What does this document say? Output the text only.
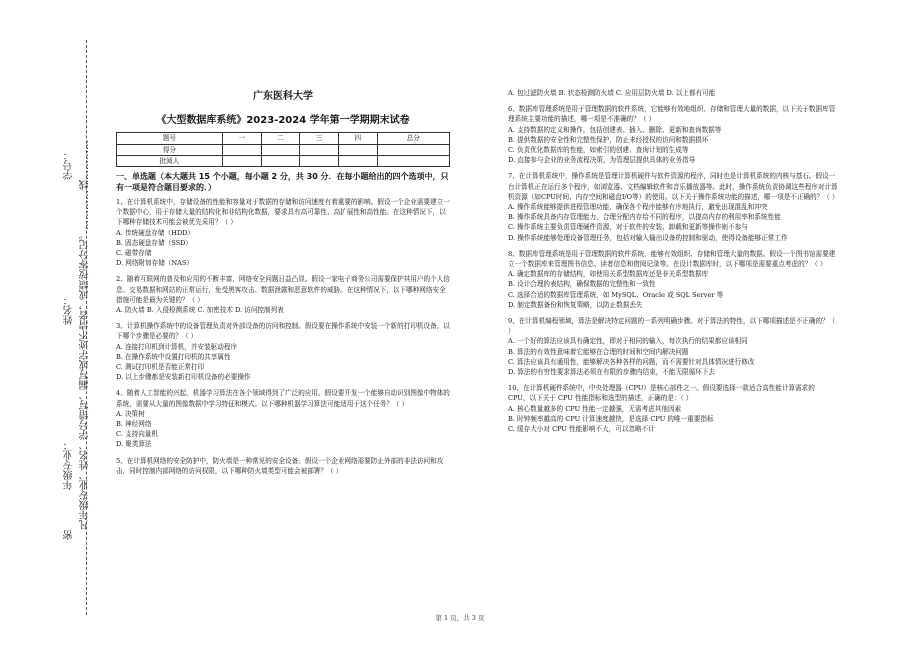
学号：
姓名：
年级专业： 凡年级专业、姓名、学号错写、漏写或字迹不清者，成绩按零分记。…………线…………
密
广东医科大学
《大型数据库系统》2023-2024 学年第一学期期末试卷
题号	一	二	三	四	总分
得分					
批阅人					
一、单选题（本大题共 15 个小题，每小题 2 分，共 30 分．在每小题给出的四个选项中，只有一项是符合题目要求的．）

1、在计算机系统中，存储设备的性能和容量对于数据的存储和访问速度有着重要的影响。假设一个企业需要建立一个数据中心，用于存储大量的结构化和非结构化数据，要求具有高可靠性、高扩展性和高性能。在这种情况下，以下哪种存储技术可能会被优先采用？（ ）

A. 传统硬盘存储（HDD）
B. 固态硬盘存储（SSD）
C. 磁带存储
D. 网络附加存储（NAS）

2、随着互联网的普及和应用的不断丰富，网络安全问题日益凸显。假设一家电子商务公司需要保护其用户的个人信息、交易数据和网站的正常运行，免受黑客攻击、数据泄露和恶意软件的威胁。在这种情况下，以下哪种网络安全措施可能是最为关键的？（ ）

A. 防火墙 B. 入侵检测系统 C. 加密技术 D. 访问控制列表

3、计算机操作系统中的设备管理负责对外部设备的访问和控制。假设要在操作系统中安装一个新的打印机设备，以下哪个步骤是必要的？（ ）

A. 连接打印机到计算机，并安装驱动程序
B. 在操作系统中设置打印机的共享属性
C. 测试打印机是否能正常打印
D. 以上步骤都是安装新打印机设备的必要操作

4、随着人工智能的兴起，机器学习算法在各个领域得到了广泛的应用。假设要开发一个能够自动识别图像中物体的系统，需要从大量的图像数据中学习特征和模式。以下哪种机器学习算法可能适用于这个任务？（ ）

A. 决策树
B. 神经网络
C. 支持向量机
D. 聚类算法

5、在计算机网络的安全防护中，防火墙是一种常见的安全设备。假设一个企业网络需要防止外部的非法访问和攻击，同时控制内部网络的访问权限，以下哪种防火墙类型可能会被部署？（ ）

A. 包过滤防火墙 B. 状态检测防火墙 C. 应用层防火墙 D. 以上都有可能

6、数据库管理系统是用于管理数据的软件系统，它能够有效地组织、存储和管理大量的数据，以下关于数据库管理系统主要功能的描述，哪一项是不准确的？（ ）

A. 支持数据的定义和操作，包括创建表、插入、删除、更新和查询数据等
B. 提供数据的安全性和完整性保护，防止未经授权的访问和数据损坏
C. 负责优化数据库的性能，如索引的创建、查询计划的生成等
D. 直接参与企业的业务流程决策，为管理层提供具体的业务指导

7、在计算机系统中，操作系统是管理计算机硬件与软件资源的程序，同时也是计算机系统的内核与基石。假设一台计算机正在运行多个程序，如浏览器、文档编辑软件和音乐播放器等。此时，操作系统负责协调这些程序对计算机资源（如CPU时间、内存空间和磁盘I/O等）的使用。以下关于操作系统功能的描述，哪一项是不正确的？（ ）

A. 操作系统能够提供进程管理功能，确保各个程序能够有序地执行，避免出现混乱和冲突
B. 操作系统具备内存管理能力，合理分配内存给不同的程序，以提高内存的利用率和系统性能
C. 操作系统主要负责管理硬件资源，对于软件的安装、卸载和更新等操作则不参与
D. 操作系统能够处理设备管理任务，包括对输入输出设备的控制和驱动，使得设备能够正常工作

8、数据库管理系统是用于管理数据的软件系统，能够有效组织、存储和管理大量的数据。假设一个图书馆需要建立一个数据库来管理图书信息、读者信息和借阅记录等。在设计数据库时，以下哪项是需要重点考虑的？（ ）

A. 确定数据库的存储结构，如使用关系型数据库还是非关系型数据库
B. 设计合理的表结构，确保数据的完整性和一致性
C. 选择合适的数据库管理系统，如 MySQL、Oracle 或 SQL Server 等
D. 制定数据备份和恢复策略，以防止数据丢失

9、在计算机编程领域，算法是解决特定问题的一系列明确步骤。对于算法的特性，以下哪项描述是不正确的？（ ）

A. 一个好的算法应该具有确定性，即对于相同的输入，每次执行的结果都应该相同
B. 算法的有效性意味着它能够在合理的时间和空间内解决问题
C. 算法应该具有通用性，能够解决各种各样的问题，而不需要针对具体情况进行修改
D. 算法的有穷性要求算法必须在有限的步骤内结束，不能无限循环下去

10、在计算机硬件系统中，中央处理器（CPU）是核心部件之一。假设要选择一款适合高性能计算需求的 CPU，以下关于 CPU 性能指标和选型的描述，正确的是：（ ）

A. 核心数量越多的 CPU 性能一定越强，无需考虑其他因素
B. 时钟频率越高的 CPU 计算速度越快，是选择 CPU 的唯一重要指标
C. 缓存大小对 CPU 性能影响不大，可以忽略不计
第 1 页，共 3 页
